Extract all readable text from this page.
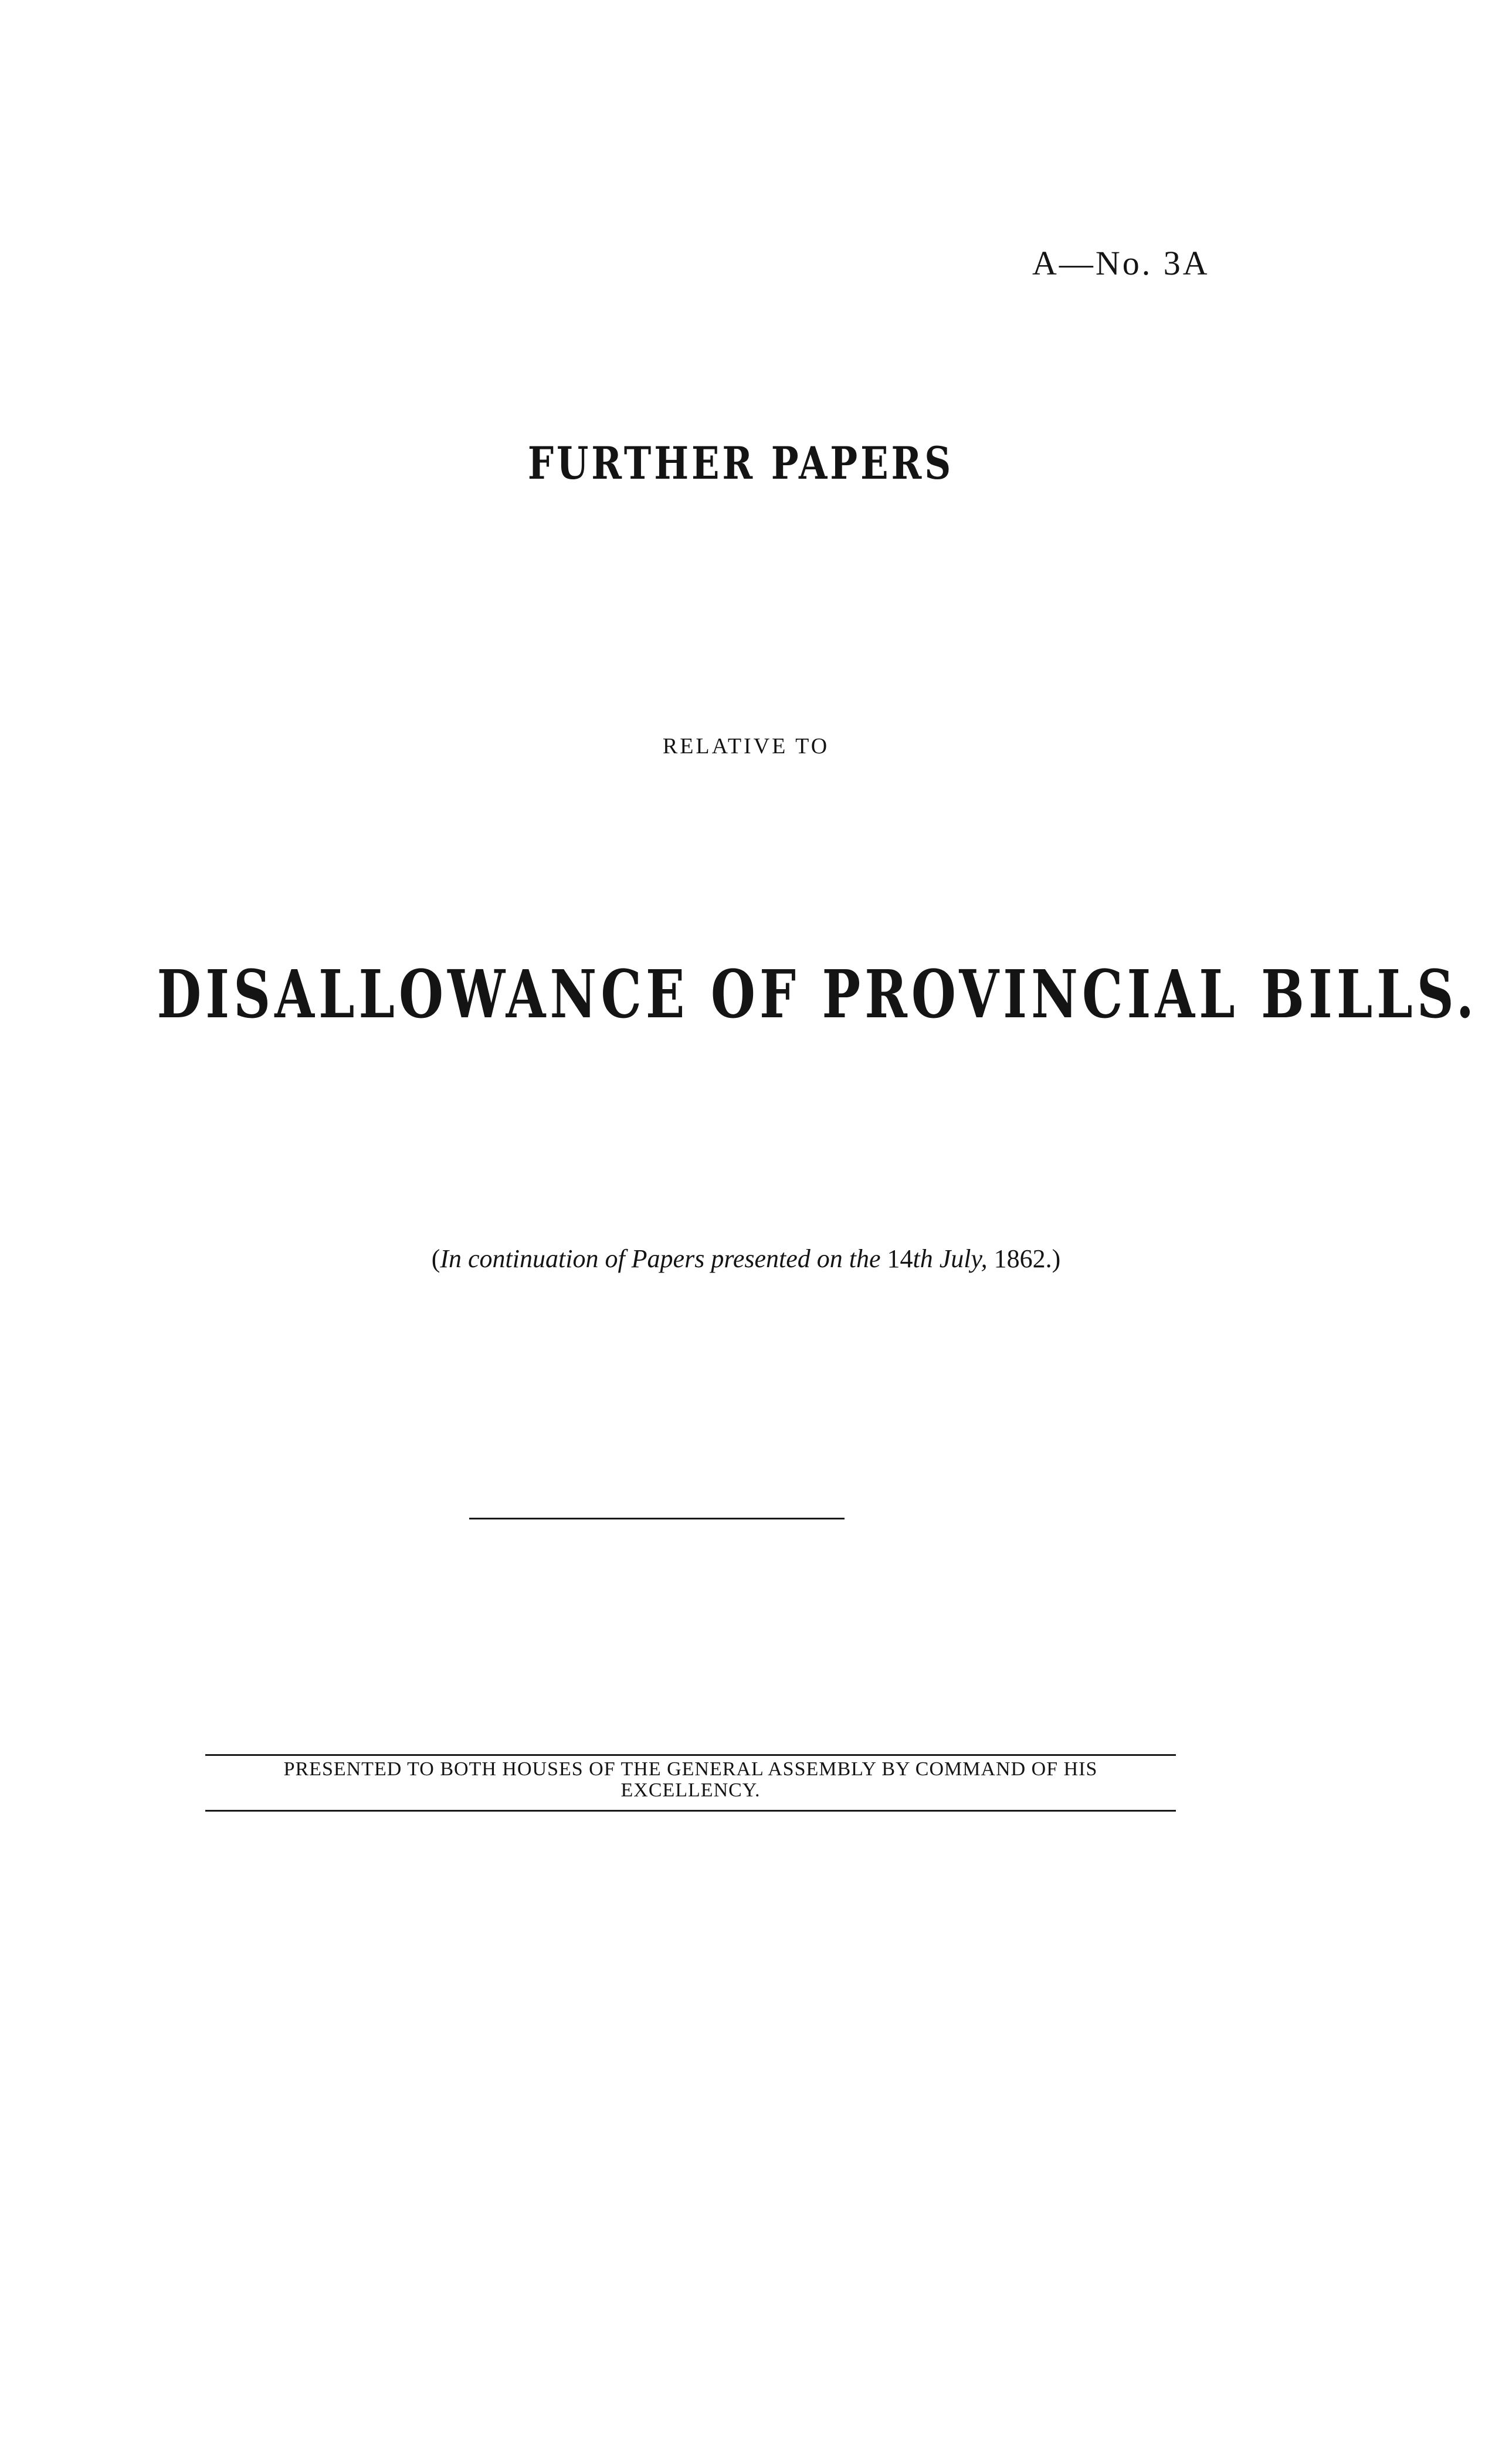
A—No. 3A
FURTHER PAPERS
RELATIVE TO
DISALLOWANCE OF PROVINCIAL BILLS.
(In continuation of Papers presented on the 14th July, 1862.)
PRESENTED TO BOTH HOUSES OF THE GENERAL ASSEMBLY BY COMMAND OF HIS
EXCELLENCY.
